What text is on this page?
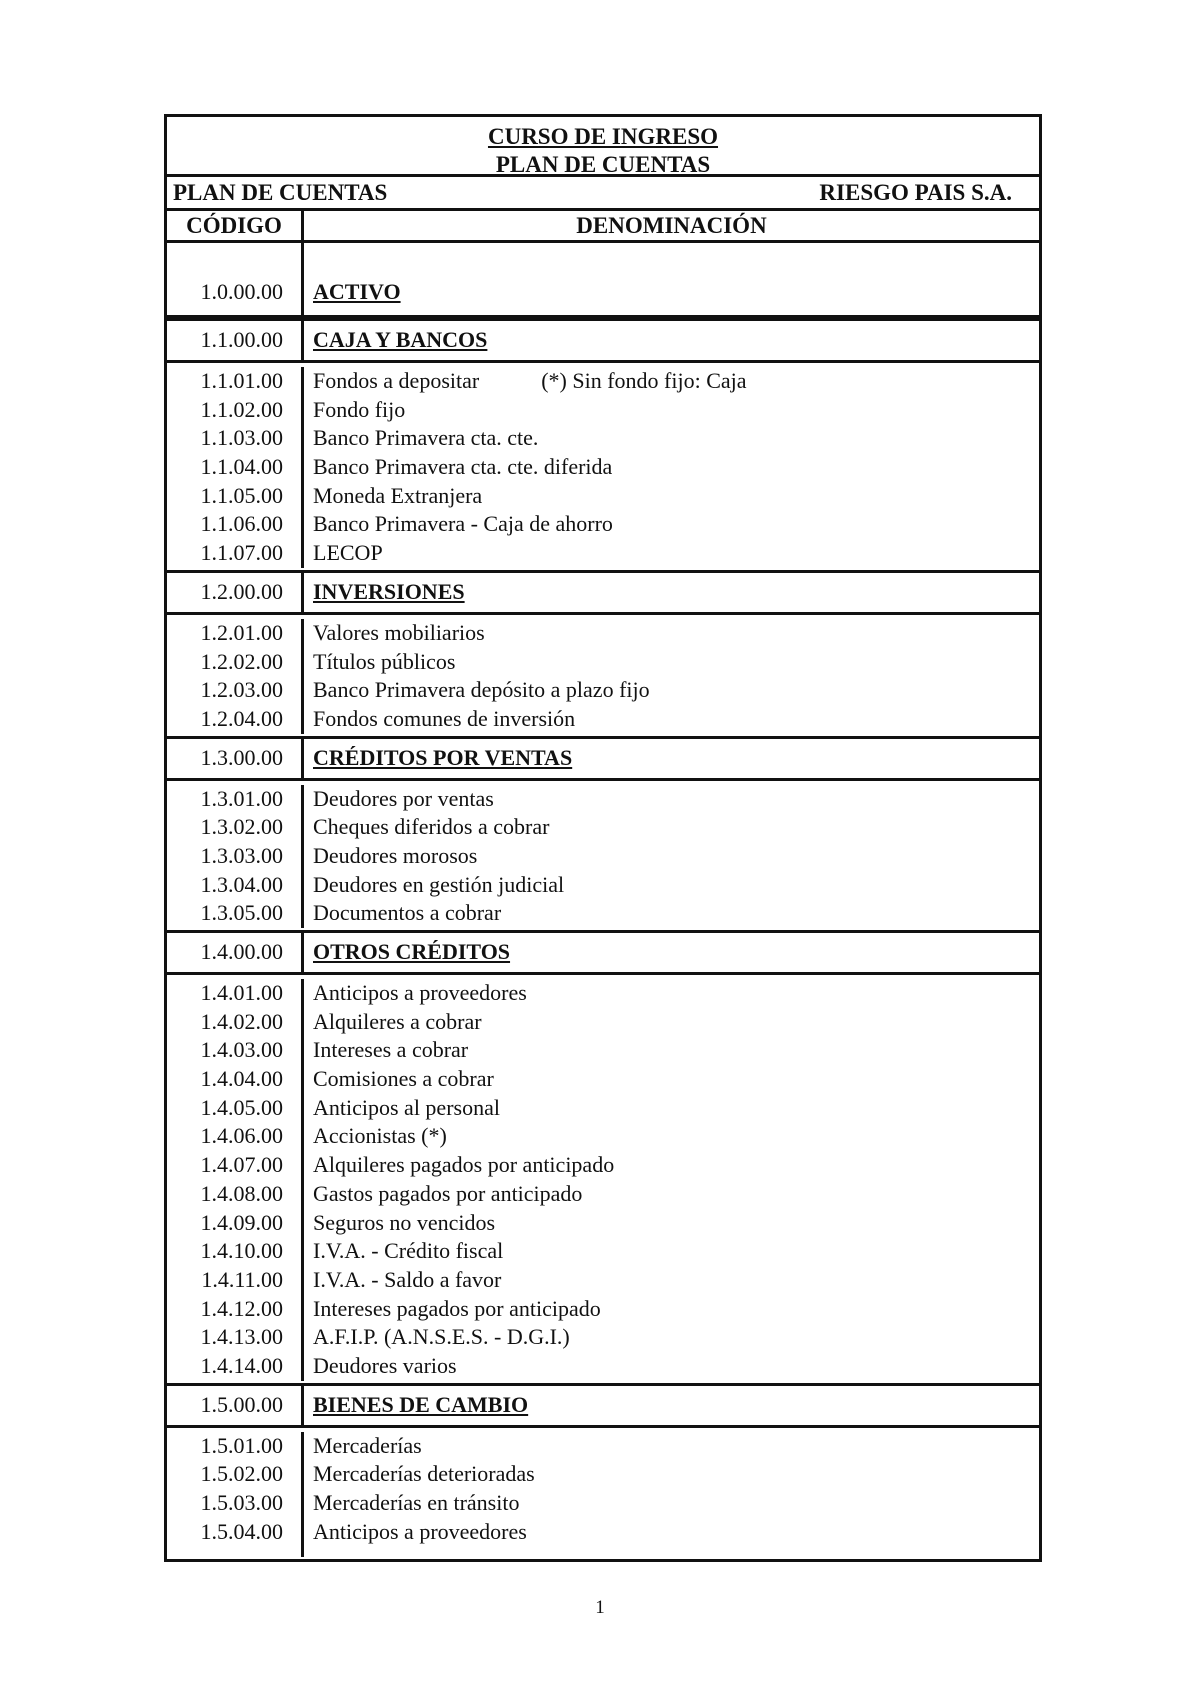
CURSO DE INGRESO
PLAN DE CUENTAS
PLAN DE CUENTAS	RIESGO PAIS S.A.
CÓDIGO	DENOMINACIÓN
1.0.00.00	ACTIVO
1.1.00.00	CAJA Y BANCOS
1.1.01.00	Fondos a depositar	(*) Sin fondo fijo: Caja
1.1.02.00	Fondo fijo
1.1.03.00	Banco Primavera cta. cte.
1.1.04.00	Banco Primavera cta. cte. diferida
1.1.05.00	Moneda Extranjera
1.1.06.00	Banco Primavera - Caja de ahorro
1.1.07.00	LECOP
1.2.00.00	INVERSIONES
1.2.01.00	Valores mobiliarios
1.2.02.00	Títulos públicos
1.2.03.00	Banco Primavera depósito a plazo fijo
1.2.04.00	Fondos comunes de inversión
1.3.00.00	CRÉDITOS POR VENTAS
1.3.01.00	Deudores por ventas
1.3.02.00	Cheques diferidos a cobrar
1.3.03.00	Deudores morosos
1.3.04.00	Deudores en gestión judicial
1.3.05.00	Documentos a cobrar
1.4.00.00	OTROS CRÉDITOS
1.4.01.00	Anticipos a proveedores
1.4.02.00	Alquileres a cobrar
1.4.03.00	Intereses a cobrar
1.4.04.00	Comisiones a cobrar
1.4.05.00	Anticipos al personal
1.4.06.00	Accionistas (*)
1.4.07.00	Alquileres pagados por anticipado
1.4.08.00	Gastos pagados por anticipado
1.4.09.00	Seguros no vencidos
1.4.10.00	I.V.A. - Crédito fiscal
1.4.11.00	I.V.A. - Saldo a favor
1.4.12.00	Intereses pagados por anticipado
1.4.13.00	A.F.I.P. (A.N.S.E.S. - D.G.I.)
1.4.14.00	Deudores varios
1.5.00.00	BIENES DE CAMBIO
1.5.01.00	Mercaderías
1.5.02.00	Mercaderías deterioradas
1.5.03.00	Mercaderías en tránsito
1.5.04.00	Anticipos a proveedores
1
